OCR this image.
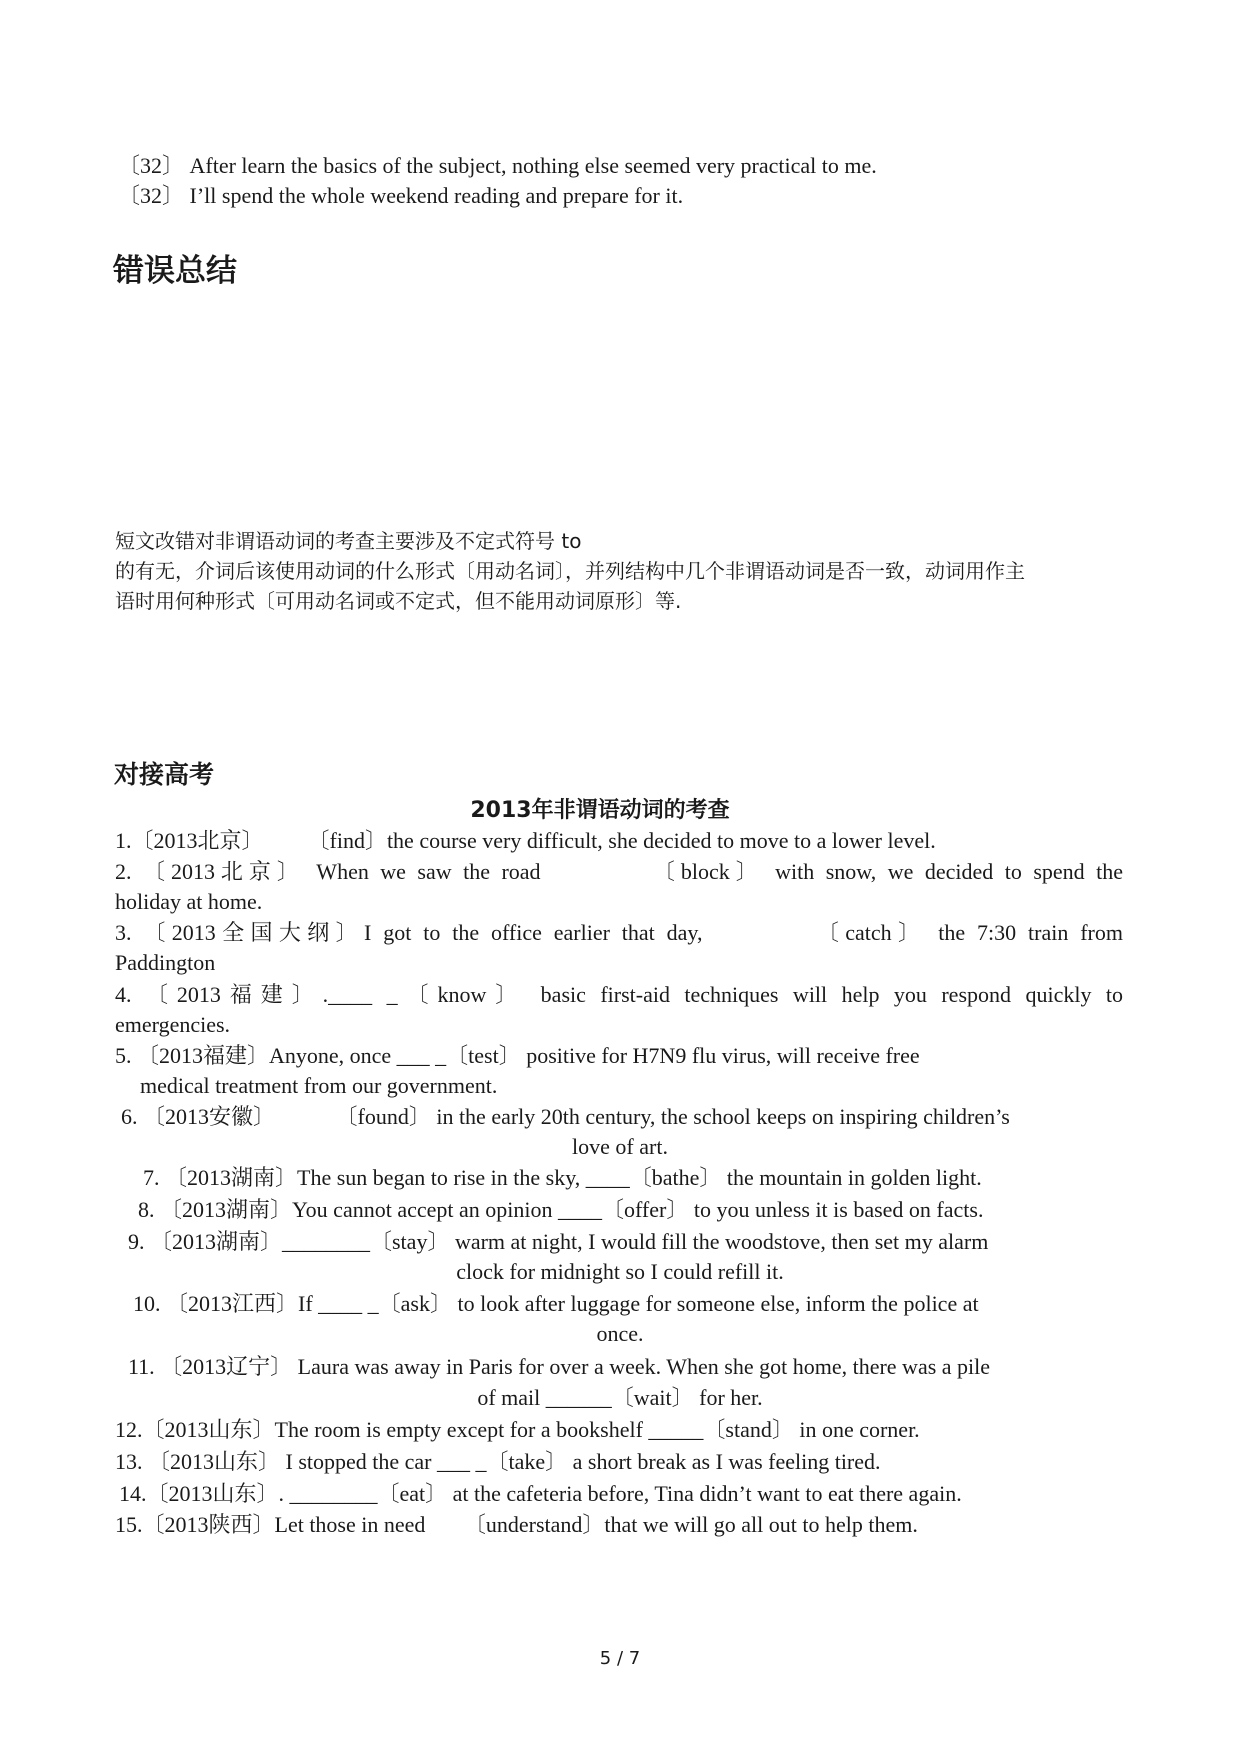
〔32〕 After learn the basics of the subject, nothing else seemed very practical to me.
〔32〕 I’ll spend the whole weekend reading and prepare for it.
错误总结
短文改错对非谓语动词的考查主要涉及不定式符号 to
的有无，介词后该使用动词的什么形式〔用动名词〕，并列结构中几个非谓语动词是否一致，动词用作主
语时用何种形式〔可用动名词或不定式，但不能用动词原形〕等.
对接高考
2013年非谓语动词的考查
1.〔2013北京〕　　　〔find〕the course very difficult, she decided to move to a lower level.
2. 〔2013北京〕 When we saw the road 　　　　〔block〕 with snow, we decided to spend the
holiday at home.
3. 〔2013全国大纲〕I got to the office earlier that day, 　　　　〔catch〕 the 7:30 train from
Paddington
4. 〔2013福建〕.____ _〔know〕 basic first-aid techniques will help you respond quickly to
emergencies.
5. 〔2013福建〕Anyone, once ___ _〔test〕 positive for H7N9 flu virus, will receive free
medical treatment from our government.
6. 〔2013安徽〕 　　　〔found〕 in the early 20th century, the school keeps on inspiring children’s
love of art.
7. 〔2013湖南〕The sun began to rise in the sky, ____〔bathe〕 the mountain in golden light.
8. 〔2013湖南〕You cannot accept an opinion ____〔offer〕 to you unless it is based on facts.
9. 〔2013湖南〕________〔stay〕 warm at night, I would fill the woodstove, then set my alarm
clock for midnight so I could refill it.
10. 〔2013江西〕If ____ _〔ask〕 to look after luggage for someone else, inform the police at
once.
11. 〔2013辽宁〕 Laura was away in Paris for over a week. When she got home, there was a pile
of mail ______〔wait〕 for her.
12.〔2013山东〕The room is empty except for a bookshelf _____〔stand〕 in one corner.
13. 〔2013山东〕 I stopped the car ___ _〔take〕 a short break as I was feeling tired.
14.〔2013山东〕. ________〔eat〕 at the cafeteria before, Tina didn’t want to eat there again.
15.〔2013陕西〕Let those in need 　　〔understand〕that we will go all out to help them.
5 / 7
